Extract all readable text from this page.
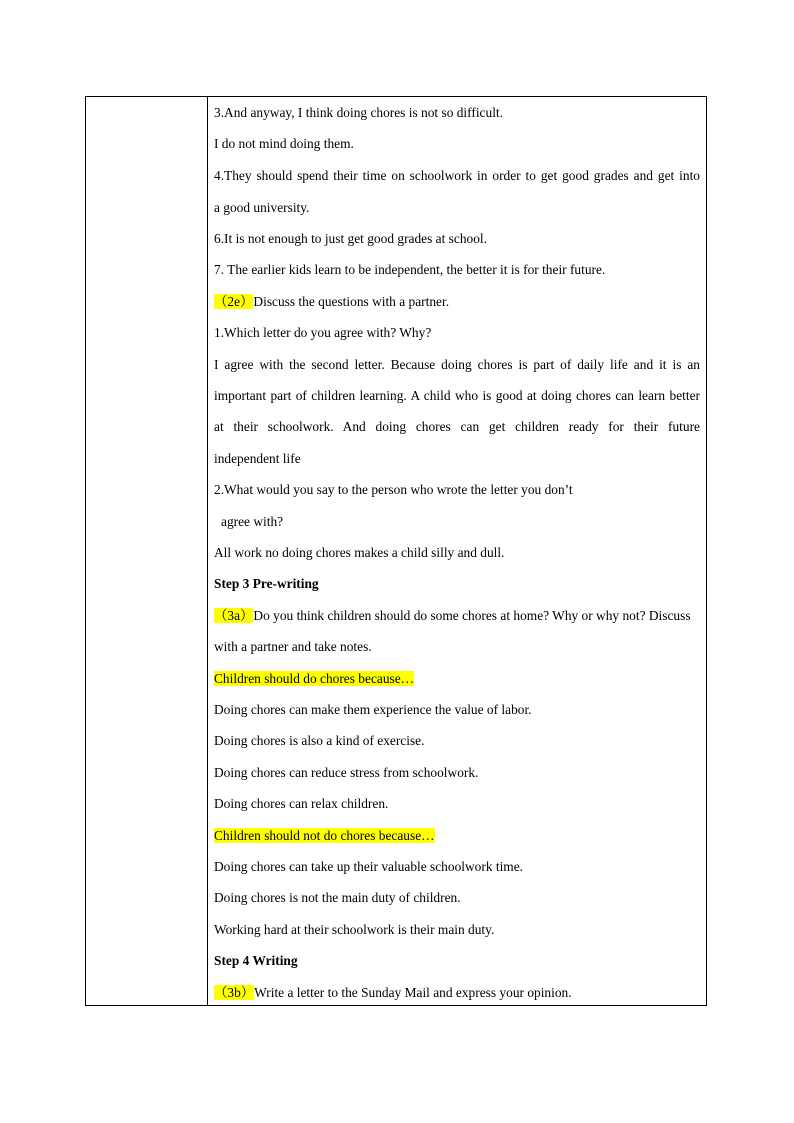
3.And anyway, I think doing chores is not so difficult.
I do not mind doing them.
4.They should spend their time on schoolwork in order to get good grades and get into
a good university.
6.It is not enough to just get good grades at school.
7. The earlier kids learn to be independent, the better it is for their future.
（2e）Discuss the questions with a partner.
1.Which letter do you agree with? Why?
I agree with the second letter. Because doing chores is part of daily life and it is an
important part of children learning. A child who is good at doing chores can learn better
at their schoolwork. And doing chores can get children ready for their future
independent life
2.What would you say to the person who wrote the letter you don’t
agree with?
All work no doing chores makes a child silly and dull.
Step 3 Pre-writing
（3a）Do you think children should do some chores at home? Why or why not? Discuss
with a partner and take notes.
Children should do chores because…
Doing chores can make them experience the value of labor.
Doing chores is also a kind of exercise.
Doing chores can reduce stress from schoolwork.
Doing chores can relax children.
Children should not do chores because…
Doing chores can take up their valuable schoolwork time.
Doing chores is not the main duty of children.
Working hard at their schoolwork is their main duty.
Step 4 Writing
（3b）Write a letter to the Sunday Mail and express your opinion.
